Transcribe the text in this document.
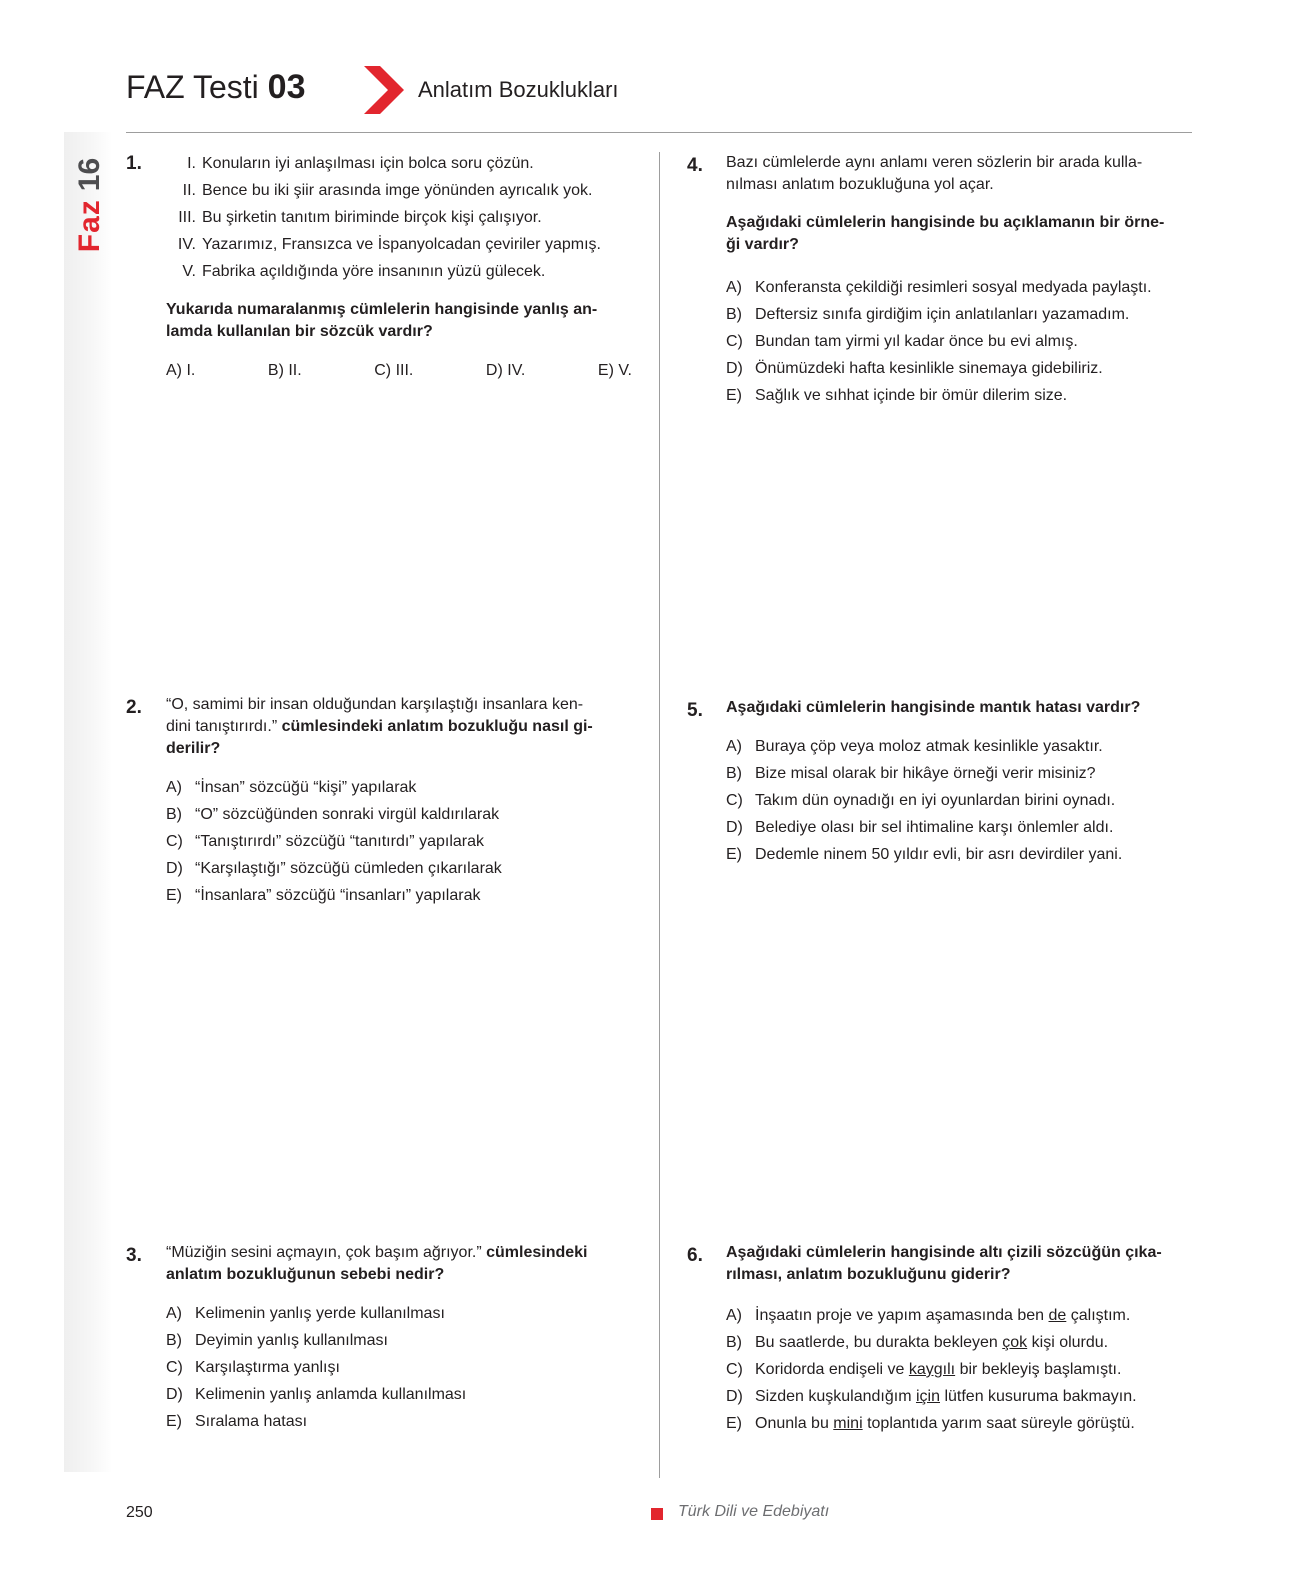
Faz
16
FAZ Testi 03	Anlatım Bozuklukları
1.	I. Konuların iyi anlaşılması için bolca soru çözün.
II. Bence bu iki şiir arasında imge yönünden ayrıcalık yok.
III. Bu şirketin tanıtım biriminde birçok kişi çalışıyor.
IV. Yazarımız, Fransızca ve İspanyolcadan çeviriler yapmış.
V. Fabrika açıldığında yöre insanının yüzü gülecek.
Yukarıda numaralanmış cümlelerin hangisinde yanlış an-
lamda kullanılan bir sözcük vardır?
A) I.	B) II.	C) III.	D) IV.	E) V.
2. “O, samimi bir insan olduğundan karşılaştığı insanlara ken-
dini tanıştırırdı.” cümlesindeki anlatım bozukluğu nasıl gi-
derilir?
A) “İnsan” sözcüğü “kişi” yapılarak
B) “O” sözcüğünden sonraki virgül kaldırılarak
C) “Tanıştırırdı” sözcüğü “tanıtırdı” yapılarak
D) “Karşılaştığı” sözcüğü cümleden çıkarılarak
E) “İnsanlara” sözcüğü “insanları” yapılarak
3. “Müziğin sesini açmayın, çok başım ağrıyor.” cümlesindeki
anlatım bozukluğunun sebebi nedir?
A) Kelimenin yanlış yerde kullanılması
B) Deyimin yanlış kullanılması
C) Karşılaştırma yanlışı
D) Kelimenin yanlış anlamda kullanılması
E) Sıralama hatası
4. Bazı cümlelerde aynı anlamı veren sözlerin bir arada kulla-
nılması anlatım bozukluğuna yol açar.
Aşağıdaki cümlelerin hangisinde bu açıklamanın bir örne-
ği vardır?
A) Konferansta çekildiği resimleri sosyal medyada paylaştı.
B) Deftersiz sınıfa girdiğim için anlatılanları yazamadım.
C) Bundan tam yirmi yıl kadar önce bu evi almış.
D) Önümüzdeki hafta kesinlikle sinemaya gidebiliriz.
E) Sağlık ve sıhhat içinde bir ömür dilerim size.
5. Aşağıdaki cümlelerin hangisinde mantık hatası vardır?
A) Buraya çöp veya moloz atmak kesinlikle yasaktır.
B) Bize misal olarak bir hikâye örneği verir misiniz?
C) Takım dün oynadığı en iyi oyunlardan birini oynadı.
D) Belediye olası bir sel ihtimaline karşı önlemler aldı.
E) Dedemle ninem 50 yıldır evli, bir asrı devirdiler yani.
6. Aşağıdaki cümlelerin hangisinde altı çizili sözcüğün çıka-
rılması, anlatım bozukluğunu giderir?
A) İnşaatın proje ve yapım aşamasında ben de çalıştım.
B) Bu saatlerde, bu durakta bekleyen çok kişi olurdu.
C) Koridorda endişeli ve kaygılı bir bekleyiş başlamıştı.
D) Sizden kuşkulandığım için lütfen kusuruma bakmayın.
E) Onunla bu mini toplantıda yarım saat süreyle görüştü.
250	Türk Dili ve Edebiyatı
